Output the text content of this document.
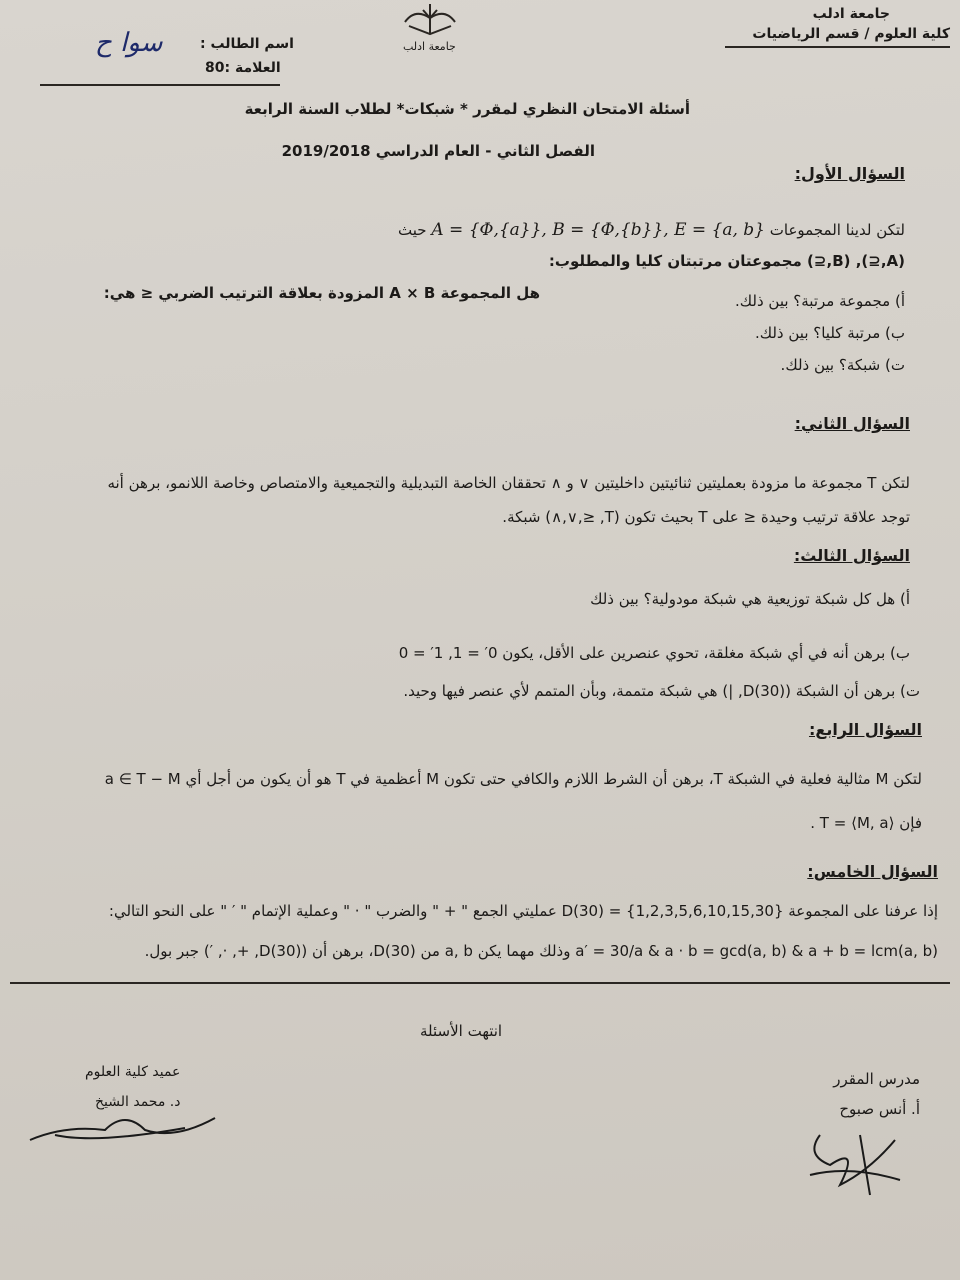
جامعة ادلب
كلية العلوم / قسم الرياضيات
جامعة ادلب
اسم الطالب :
سوا ح
العلامة :80
أسئلة الامتحان النظري لمقرر * شبكات* لطلاب السنة الرابعة
الفصل الثاني - العام الدراسي 2019/2018
السؤال الأول:
لتكن لدينا المجموعات A = {Φ,{a}}, B = {Φ,{b}}, E = {a, b} حيث
(A,⊆), (B,⊆) مجموعتان مرتبتان كليا والمطلوب:
هل المجموعة A × B المزودة بعلاقة الترتيب الضربي ≤ هي:	أ) مجموعة مرتبة؟ بين ذلك.
ب) مرتبة كليا؟ بين ذلك.
ت) شبكة؟ بين ذلك.
السؤال الثاني:
لتكن T مجموعة ما مزودة بعمليتين ثنائيتين داخليتين ∨ و ∧ تحققان الخاصة التبديلية والتجميعية والامتصاص وخاصة اللانمو، برهن أنه
توجد علاقة ترتيب وحيدة ≤ على T بحيث تكون (T, ≤,∨,∧) شبكة.
السؤال الثالث:
أ) هل كل شبكة توزيعية هي شبكة مودولية؟ بين ذلك
ب) برهن أنه في أي شبكة مغلقة، تحوي عنصرين على الأقل، يكون 0′ = 1, 1′ = 0
ت) برهن أن الشبكة (D(30), |) هي شبكة متممة، وبأن المتمم لأي عنصر فيها وحيد.
السؤال الرابع:
لتكن M مثالية فعلية في الشبكة T، برهن أن الشرط اللازم والكافي حتى تكون M أعظمية في T هو أن يكون من أجل أي a ∈ T − M
فإن ⟨M, a⟩ = T .
السؤال الخامس:
إذا عرفنا على المجموعة D(30) = {1,2,3,5,6,10,15,30} عمليتي الجمع " + " والضرب " · " وعملية الإتمام " ′ " على النحو التالي:
a′ = 30/a & a · b = gcd(a, b) & a + b = lcm(a, b) وذلك مهما يكن a, b من D(30)، برهن أن (D(30), +, ·, ′) جبر بول.
انتهت الأسئلة
عميد كلية العلوم
د. محمد الشيخ
مدرس المقرر
أ. أنس صبوح
